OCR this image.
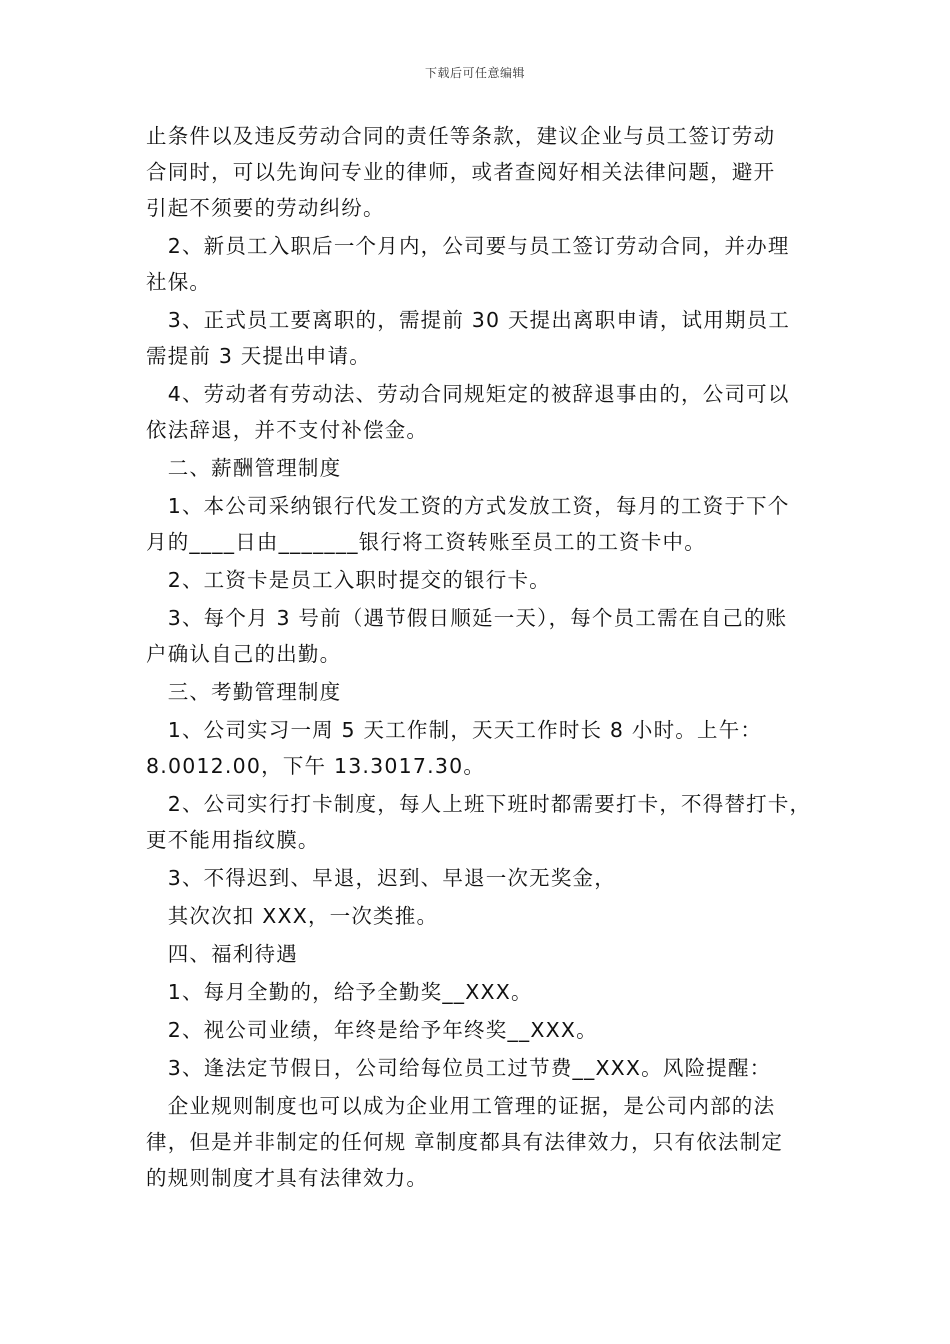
下载后可任意编辑

止条件以及违反劳动合同的责任等条款，建议企业与员工签订劳动
合同时，可以先询问专业的律师，或者查阅好相关法律问题，避开
引起不须要的劳动纠纷。

　2、新员工入职后一个月内，公司要与员工签订劳动合同，并办理
社保。

　3、正式员工要离职的，需提前 30 天提出离职申请，试用期员工
需提前 3 天提出申请。

　4、劳动者有劳动法、劳动合同规矩定的被辞退事由的，公司可以
依法辞退，并不支付补偿金。

　二、薪酬管理制度

　1、本公司采纳银行代发工资的方式发放工资，每月的工资于下个
月的____日由_______银行将工资转账至员工的工资卡中。

　2、工资卡是员工入职时提交的银行卡。

　3、每个月 3 号前（遇节假日顺延一天），每个员工需在自己的账
户确认自己的出勤。

　三、考勤管理制度

　1、公司实习一周 5 天工作制，天天工作时长 8 小时。上午：
8.0012.00，下午 13.3017.30。

　2、公司实行打卡制度，每人上班下班时都需要打卡，不得替打卡，
更不能用指纹膜。

　3、不得迟到、早退，迟到、早退一次无奖金，

　其次次扣 XXX，一次类推。

　四、福利待遇

　1、每月全勤的，给予全勤奖__XXX。

　2、视公司业绩，年终是给予年终奖__XXX。

　3、逢法定节假日，公司给每位员工过节费__XXX。风险提醒：

　企业规则制度也可以成为企业用工管理的证据，是公司内部的法
律，但是并非制定的任何规 章制度都具有法律效力，只有依法制定
的规则制度才具有法律效力。
